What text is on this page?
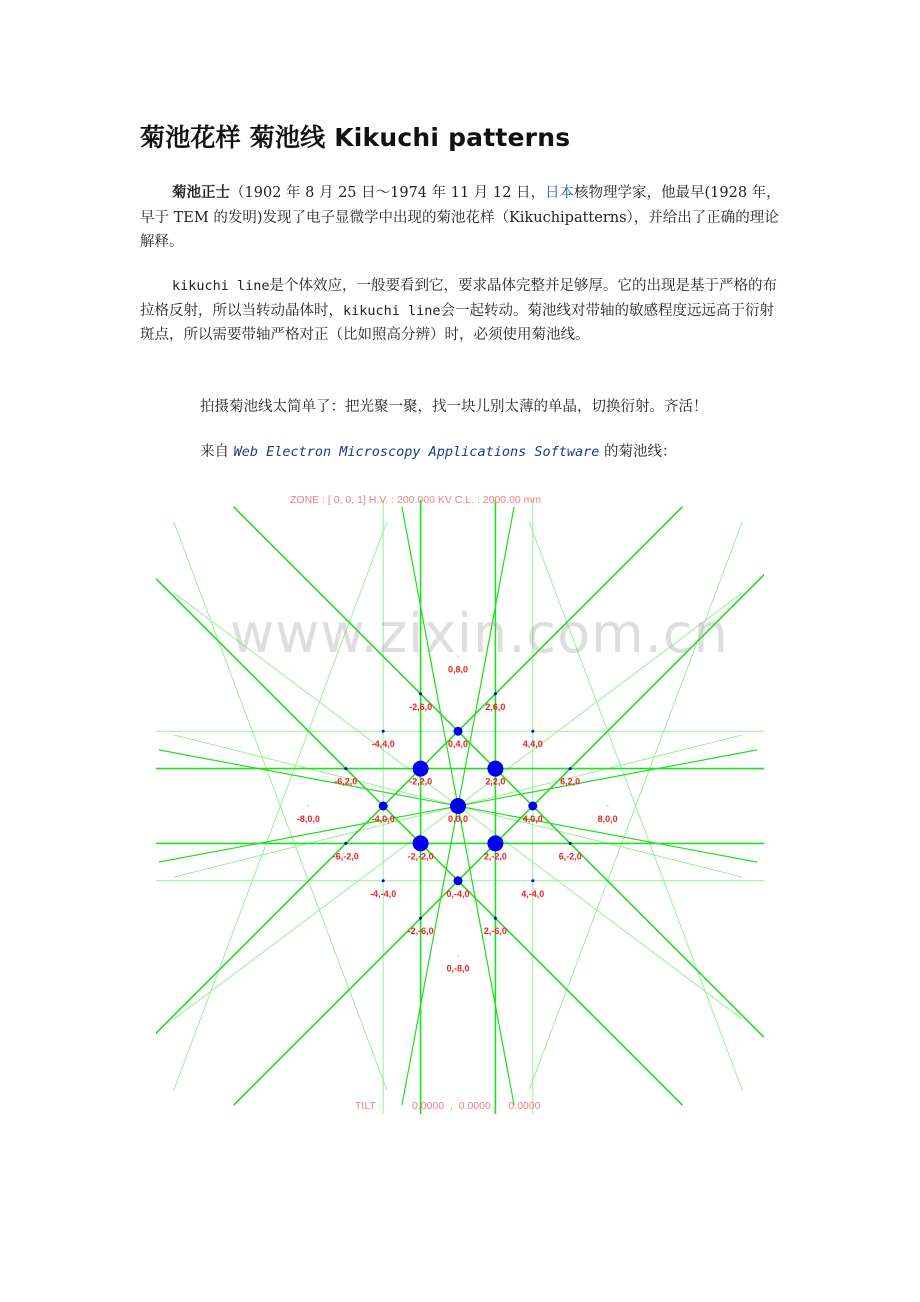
菊池花样 菊池线 Kikuchi patterns
菊池正士（1902 年 8 月 25 日～1974 年 11 月 12 日，日本核物理学家，他最早(1928 年，早于 TEM 的发明)发现了电子显微学中出现的菊池花样（Kikuchipatterns），并给出了正确的理论解释。
kikuchi line是个体效应，一般要看到它，要求晶体完整并足够厚。它的出现是基于严格的布拉格反射，所以当转动晶体时，kikuchi line会一起转动。菊池线对带轴的敏感程度远远高于衍射斑点，所以需要带轴严格对正（比如照高分辨）时，必须使用菊池线。
拍摄菊池线太简单了：把光聚一聚，找一块儿别太薄的单晶，切换衍射。齐活！
来自 Web Electron Microscopy Applications Software 的菊池线：
0,8,0
-2,6,0	2,6,0
-4,4,0	0,4,0	4,4,0
-6,2,0	-2,2,0	2,2,0	6,2,0
-8,0,0	-4,0,0	0,0,0	4,0,0	8,0,0
-6,-2,0	-2,-2,0	2,-2,0	6,-2,0
-4,-4,0	0,-4,0	4,-4,0
-2,-6,0	2,-6,0
0,-8,0
ZONE : [ 0, 0, 1] H.V. : 200.000 KV C.L. : 2000.00 mm
TILT :	0.0000  ,  0.0000      0.0000
www.zixin.com.cn
